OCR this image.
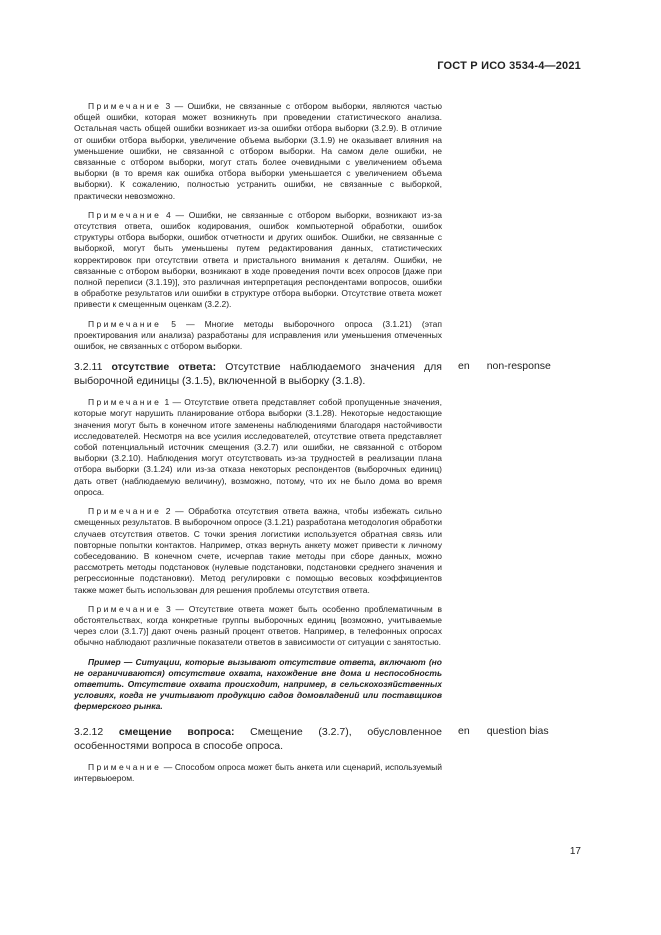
ГОСТ Р ИСО 3534-4—2021

Примечание 3 — Ошибки, не связанные с отбором выборки, являются частью общей ошибки, которая может возникнуть при проведении статистического анализа. Остальная часть общей ошибки возникает из-за ошибки отбора выборки (3.2.9). В отличие от ошибки отбора выборки, увеличение объема выборки (3.1.9) не оказывает влияния на уменьшение ошибки, не связанной с отбором выборки. На самом деле ошибки, не связанные с отбором выборки, могут стать более очевидными с увеличением объема выборки (в то время как ошибка отбора выборки уменьшается с увеличением объема выборки). К сожалению, полностью устранить ошибки, не связанные с выборкой, практически невозможно.

Примечание 4 — Ошибки, не связанные с отбором выборки, возникают из-за отсутствия ответа, ошибок кодирования, ошибок компьютерной обработки, ошибок структуры отбора выборки, ошибок отчетности и других ошибок. Ошибки, не связанные с выборкой, могут быть уменьшены путем редактирования данных, статистических корректировок при отсутствии ответа и пристального внимания к деталям. Ошибки, не связанные с отбором выборки, возникают в ходе проведения почти всех опросов [даже при полной переписи (3.1.19)], это различная интерпретация респондентами вопросов, ошибки в обработке результатов или ошибки в структуре отбора выборки. Отсутствие ответа может привести к смещенным оценкам (3.2.2).

Примечание 5 — Многие методы выборочного опроса (3.1.21) (этап проектирования или анализа) разработаны для исправления или уменьшения отмеченных ошибок, не связанных с отбором выборки.

3.2.11 отсутствие ответа: Отсутствие наблюдаемого значения для выборочной единицы (3.1.5), включенной в выборку (3.1.8).

Примечание 1 — Отсутствие ответа представляет собой пропущенные значения, которые могут нарушить планирование отбора выборки (3.1.28). Некоторые недостающие значения могут быть в конечном итоге заменены наблюдениями благодаря настойчивости исследователей. Несмотря на все усилия исследователей, отсутствие ответа представляет собой потенциальный источник смещения (3.2.7) или ошибки, не связанной с отбором выборки (3.2.10). Наблюдения могут отсутствовать из-за трудностей в реализации плана отбора выборки (3.1.24) или из-за отказа некоторых респондентов (выборочных единиц) дать ответ (наблюдаемую величину), возможно, потому, что их не было дома во время опроса.

Примечание 2 — Обработка отсутствия ответа важна, чтобы избежать сильно смещенных результатов. В выборочном опросе (3.1.21) разработана методология обработки случаев отсутствия ответов. С точки зрения логистики используется обратная связь или повторные попытки контактов. Например, отказ вернуть анкету может привести к личному собеседованию. В конечном счете, исчерпав такие методы при сборе данных, можно рассмотреть методы подстановок (нулевые подстановки, подстановки среднего значения и регрессионные подстановки). Метод регулировки с помощью весовых коэффициентов также может быть использован для решения проблемы отсутствия ответа.

Примечание 3 — Отсутствие ответа может быть особенно проблематичным в обстоятельствах, когда конкретные группы выборочных единиц [возможно, учитываемые через слои (3.1.7)] дают очень разный процент ответов. Например, в телефонных опросах обычно наблюдают различные показатели ответов в зависимости от ситуации с занятостью.

Пример — Ситуации, которые вызывают отсутствие ответа, включают (но не ограничиваются) отсутствие охвата, нахождение вне дома и неспособность ответить. Отсутствие охвата происходит, например, в сельскохозяйственных условиях, когда не учитывают продукцию садов домовладений или поставщиков фермерского рынка.

3.2.12 смещение вопроса: Смещение (3.2.7), обусловленное особенностями вопроса в способе опроса.

Примечание — Способом опроса может быть анкета или сценарий, используемый интервьюером.

en non-response
en question bias
17
